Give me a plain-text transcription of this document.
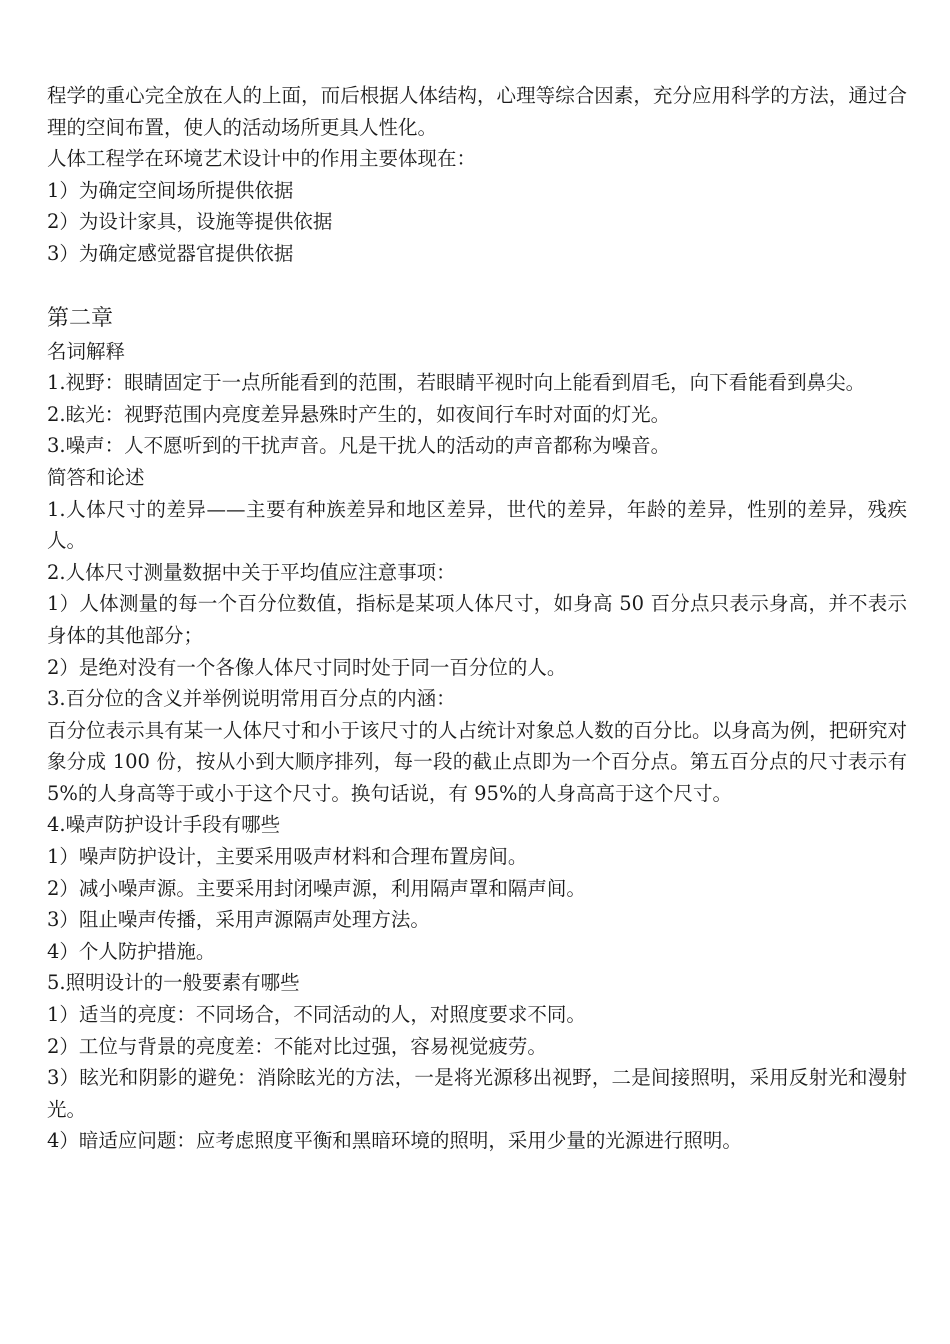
程学的重心完全放在人的上面，而后根据人体结构，心理等综合因素，充分应用科学的方法，通过合理的空间布置，使人的活动场所更具人性化。

人体工程学在环境艺术设计中的作用主要体现在：

1）为确定空间场所提供依据

2）为设计家具，设施等提供依据

3）为确定感觉器官提供依据

第二章

名词解释

1.视野：眼睛固定于一点所能看到的范围，若眼睛平视时向上能看到眉毛，向下看能看到鼻尖。

2.眩光：视野范围内亮度差异悬殊时产生的，如夜间行车时对面的灯光。

3.噪声：人不愿听到的干扰声音。凡是干扰人的活动的声音都称为噪音。

简答和论述

1.人体尺寸的差异——主要有种族差异和地区差异，世代的差异，年龄的差异，性别的差异，残疾人。

2.人体尺寸测量数据中关于平均值应注意事项：

1）人体测量的每一个百分位数值，指标是某项人体尺寸，如身高 50 百分点只表示身高，并不表示身体的其他部分；

2）是绝对没有一个各像人体尺寸同时处于同一百分位的人。

3.百分位的含义并举例说明常用百分点的内涵：

百分位表示具有某一人体尺寸和小于该尺寸的人占统计对象总人数的百分比。以身高为例，把研究对象分成 100 份，按从小到大顺序排列，每一段的截止点即为一个百分点。第五百分点的尺寸表示有 5%的人身高等于或小于这个尺寸。换句话说，有 95%的人身高高于这个尺寸。

4.噪声防护设计手段有哪些

1）噪声防护设计，主要采用吸声材料和合理布置房间。

2）减小噪声源。主要采用封闭噪声源，利用隔声罩和隔声间。

3）阻止噪声传播，采用声源隔声处理方法。

4）个人防护措施。

5.照明设计的一般要素有哪些

1）适当的亮度：不同场合，不同活动的人，对照度要求不同。

2）工位与背景的亮度差：不能对比过强，容易视觉疲劳。

3）眩光和阴影的避免：消除眩光的方法，一是将光源移出视野，二是间接照明，采用反射光和漫射光。

4）暗适应问题：应考虑照度平衡和黑暗环境的照明，采用少量的光源进行照明。
